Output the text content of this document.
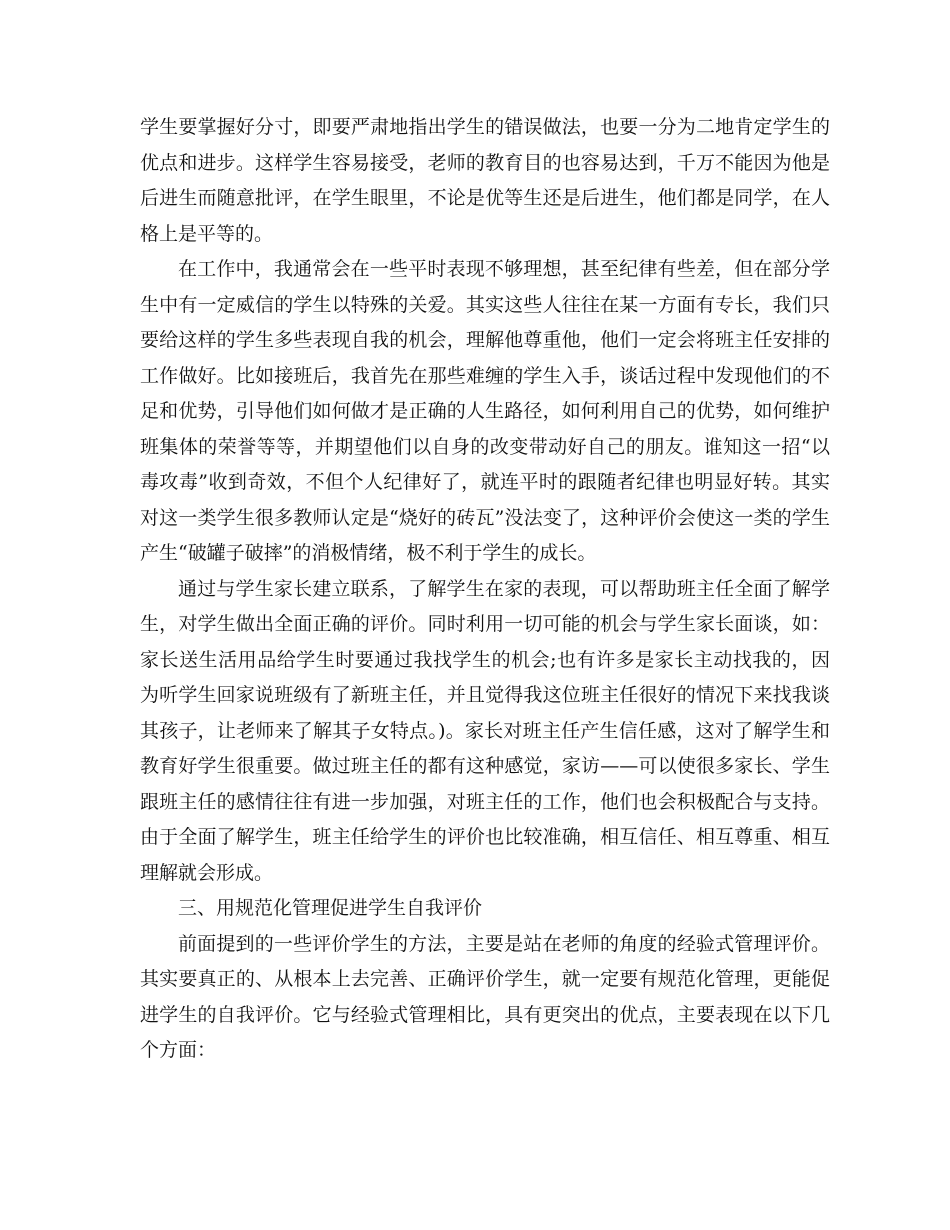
学生要掌握好分寸，即要严肃地指出学生的错误做法，也要一分为二地肯定学生的优点和进步。这样学生容易接受，老师的教育目的也容易达到，千万不能因为他是后进生而随意批评，在学生眼里，不论是优等生还是后进生，他们都是同学，在人格上是平等的。

在工作中，我通常会在一些平时表现不够理想，甚至纪律有些差，但在部分学生中有一定威信的学生以特殊的关爱。其实这些人往往在某一方面有专长，我们只要给这样的学生多些表现自我的机会，理解他尊重他，他们一定会将班主任安排的工作做好。比如接班后，我首先在那些难缠的学生入手，谈话过程中发现他们的不足和优势，引导他们如何做才是正确的人生路径，如何利用自己的优势，如何维护班集体的荣誉等等，并期望他们以自身的改变带动好自己的朋友。谁知这一招“以毒攻毒”收到奇效，不但个人纪律好了，就连平时的跟随者纪律也明显好转。其实对这一类学生很多教师认定是“烧好的砖瓦”没法变了，这种评价会使这一类的学生产生“破罐子破摔”的消极情绪，极不利于学生的成长。

通过与学生家长建立联系，了解学生在家的表现，可以帮助班主任全面了解学生，对学生做出全面正确的评价。同时利用一切可能的机会与学生家长面谈，如：家长送生活用品给学生时要通过我找学生的机会;也有许多是家长主动找我的，因为听学生回家说班级有了新班主任，并且觉得我这位班主任很好的情况下来找我谈其孩子，让老师来了解其子女特点。)。家长对班主任产生信任感，这对了解学生和教育好学生很重要。做过班主任的都有这种感觉，家访——可以使很多家长、学生跟班主任的感情往往有进一步加强，对班主任的工作，他们也会积极配合与支持。由于全面了解学生，班主任给学生的评价也比较准确，相互信任、相互尊重、相互理解就会形成。

三、用规范化管理促进学生自我评价

前面提到的一些评价学生的方法，主要是站在老师的角度的经验式管理评价。其实要真正的、从根本上去完善、正确评价学生，就一定要有规范化管理，更能促进学生的自我评价。它与经验式管理相比，具有更突出的优点，主要表现在以下几个方面：
